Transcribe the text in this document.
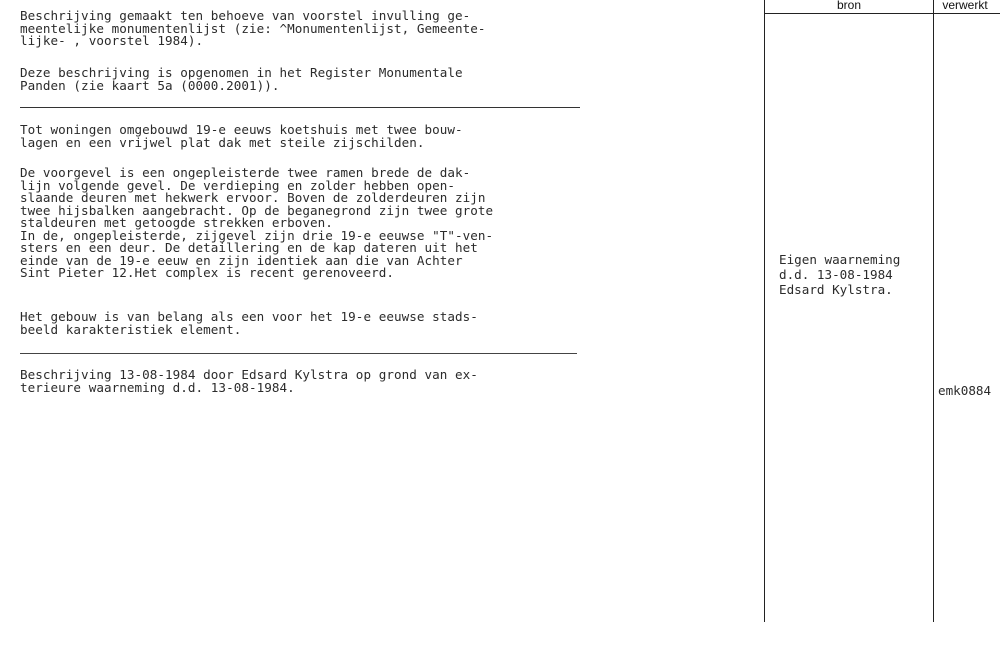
Beschrijving gemaakt ten behoeve van voorstel invulling ge-
meentelijke monumentenlijst (zie: ^Monumentenlijst, Gemeente-
lijke- , voorstel 1984).
Deze beschrijving is opgenomen in het Register Monumentale
Panden (zie kaart 5a (0000.2001)).
Tot woningen omgebouwd 19-e eeuws koetshuis met twee bouw-
lagen en een vrijwel plat dak met steile zijschilden.
De voorgevel is een ongepleisterde twee ramen brede de dak-
lijn volgende gevel. De verdieping en zolder hebben open-
slaande deuren met hekwerk ervoor. Boven de zolderdeuren zijn
twee hijsbalken aangebracht. Op de beganegrond zijn twee grote
staldeuren met getoogde strekken erboven.
In de, ongepleisterde, zijgevel zijn drie 19-e eeuwse "T"-ven-
sters en een deur. De detaillering en de kap dateren uit het
einde van de 19-e eeuw en zijn identiek aan die van Achter
Sint Pieter 12.Het complex is recent gerenoveerd.
Het gebouw is van belang als een voor het 19-e eeuwse stads-
beeld karakteristiek element.
Beschrijving 13-08-1984 door Edsard Kylstra op grond van ex-
terieure waarneming d.d. 13-08-1984.
bron	verwerkt
Eigen waarneming
d.d. 13-08-1984
Edsard Kylstra.
emk0884
